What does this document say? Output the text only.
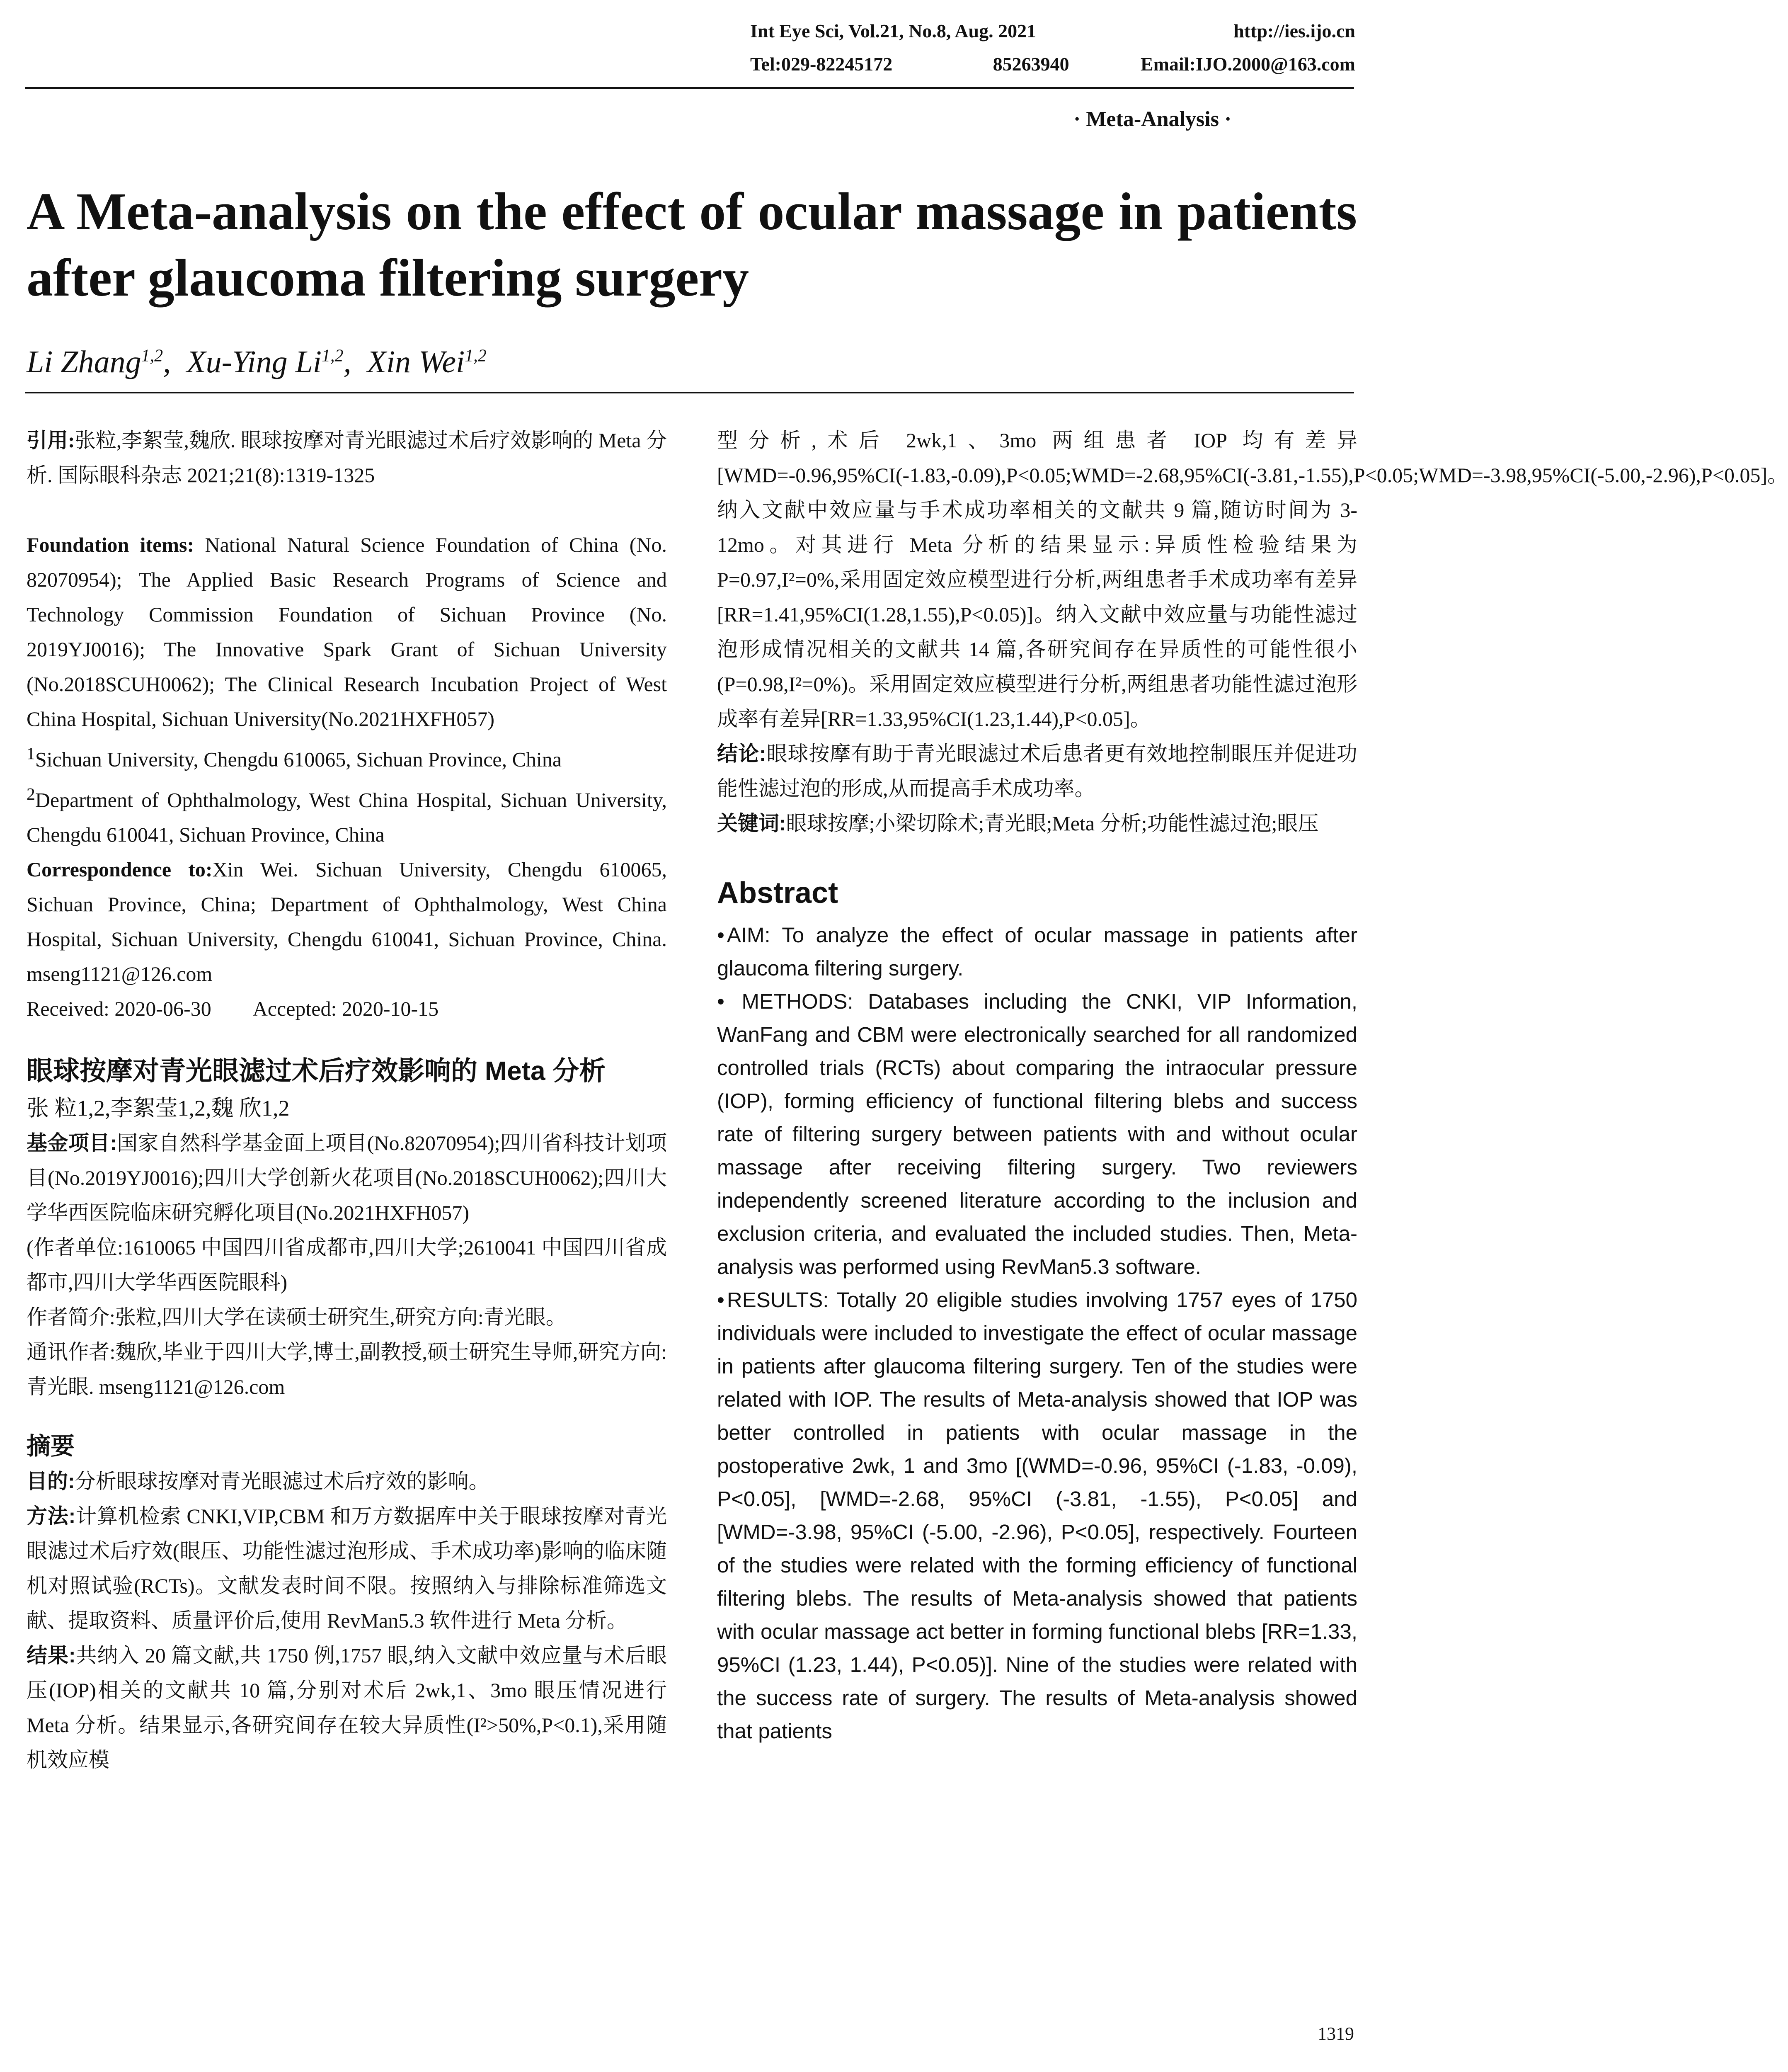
Int Eye Sci, Vol.21, No.8, Aug. 2021	http://ies.ijo.cn
Tel:029-82245172	85263940	Email:IJO.2000@163.com
· Meta-Analysis ·
A Meta-analysis on the effect of ocular massage in patients after glaucoma filtering surgery
Li Zhang$^{1,2}$,  Xu-Ying Li$^{1,2}$,  Xin Wei$^{1,2}$

引用:张粒,李絮莹,魏欣. 眼球按摩对青光眼滤过术后疗效影响的 Meta 分析. 国际眼科杂志 2021;21(8):1319-1325

Foundation items: National Natural Science Foundation of China (No. 82070954); The Applied Basic Research Programs of Science and Technology Commission Foundation of Sichuan Province (No. 2019YJ0016); The Innovative Spark Grant of Sichuan University (No.2018SCUH0062); The Clinical Research Incubation Project of West China Hospital, Sichuan University(No.2021HXFH057)

$^1$Sichuan University, Chengdu 610065, Sichuan Province, China

$^2$Department of Ophthalmology, West China Hospital, Sichuan University, Chengdu 610041, Sichuan Province, China

Correspondence to:Xin Wei. Sichuan University, Chengdu 610065, Sichuan Province, China; Department of Ophthalmology, West China Hospital, Sichuan University, Chengdu 610041, Sichuan Province, China. mseng1121@126.com

Received: 2020-06-30 Accepted: 2020-10-15

眼球按摩对青光眼滤过术后疗效影响的 Meta 分析

张 粒1,2,李絮莹1,2,魏 欣1,2

基金项目:国家自然科学基金面上项目(No.82070954);四川省科技计划项目(No.2019YJ0016);四川大学创新火花项目(No.2018SCUH0062);四川大学华西医院临床研究孵化项目(No.2021HXFH057)

(作者单位:1610065 中国四川省成都市,四川大学;2610041 中国四川省成都市,四川大学华西医院眼科)

作者简介:张粒,四川大学在读硕士研究生,研究方向:青光眼。

通讯作者:魏欣,毕业于四川大学,博士,副教授,硕士研究生导师,研究方向:青光眼. mseng1121@126.com

摘要

目的:分析眼球按摩对青光眼滤过术后疗效的影响。

方法:计算机检索 CNKI,VIP,CBM 和万方数据库中关于眼球按摩对青光眼滤过术后疗效(眼压、功能性滤过泡形成、手术成功率)影响的临床随机对照试验(RCTs)。文献发表时间不限。按照纳入与排除标准筛选文献、提取资料、质量评价后,使用 RevMan5.3 软件进行 Meta 分析。

结果:共纳入 20 篇文献,共 1750 例,1757 眼,纳入文献中效应量与术后眼压(IOP)相关的文献共 10 篇,分别对术后 2wk,1、3mo 眼压情况进行 Meta 分析。结果显示,各研究间存在较大异质性(I²>50%,P<0.1),采用随机效应模

型分析,术后 2wk,1、3mo 两组患者 IOP 均有差异[WMD=-0.96,95%CI(-1.83,-0.09),P<0.05;WMD=-2.68,95%CI(-3.81,-1.55),P<0.05;WMD=-3.98,95%CI(-5.00,-2.96),P<0.05]。纳入文献中效应量与手术成功率相关的文献共 9 篇,随访时间为 3-12mo。对其进行 Meta 分析的结果显示:异质性检验结果为 P=0.97,I²=0%,采用固定效应模型进行分析,两组患者手术成功率有差异[RR=1.41,95%CI(1.28,1.55),P<0.05)]。纳入文献中效应量与功能性滤过泡形成情况相关的文献共 14 篇,各研究间存在异质性的可能性很小(P=0.98,I²=0%)。采用固定效应模型进行分析,两组患者功能性滤过泡形成率有差异[RR=1.33,95%CI(1.23,1.44),P<0.05]。

结论:眼球按摩有助于青光眼滤过术后患者更有效地控制眼压并促进功能性滤过泡的形成,从而提高手术成功率。

关键词:眼球按摩;小梁切除术;青光眼;Meta 分析;功能性滤过泡;眼压

Abstract

• AIM: To analyze the effect of ocular massage in patients after glaucoma filtering surgery.

• METHODS: Databases including the CNKI, VIP Information, WanFang and CBM were electronically searched for all randomized controlled trials (RCTs) about comparing the intraocular pressure (IOP), forming efficiency of functional filtering blebs and success rate of filtering surgery between patients with and without ocular massage after receiving filtering surgery. Two reviewers independently screened literature according to the inclusion and exclusion criteria, and evaluated the included studies. Then, Meta-analysis was performed using RevMan5.3 software.

• RESULTS: Totally 20 eligible studies involving 1757 eyes of 1750 individuals were included to investigate the effect of ocular massage in patients after glaucoma filtering surgery. Ten of the studies were related with IOP. The results of Meta-analysis showed that IOP was better controlled in patients with ocular massage in the postoperative 2wk, 1 and 3mo [(WMD=-0.96, 95%CI (-1.83, -0.09), P<0.05], [WMD=-2.68, 95%CI (-3.81, -1.55), P<0.05] and [WMD=-3.98, 95%CI (-5.00, -2.96), P<0.05], respectively. Fourteen of the studies were related with the forming efficiency of functional filtering blebs. The results of Meta-analysis showed that patients with ocular massage act better in forming functional blebs [RR=1.33, 95%CI (1.23, 1.44), P<0.05)]. Nine of the studies were related with the success rate of surgery. The results of Meta-analysis showed that patients

1319
